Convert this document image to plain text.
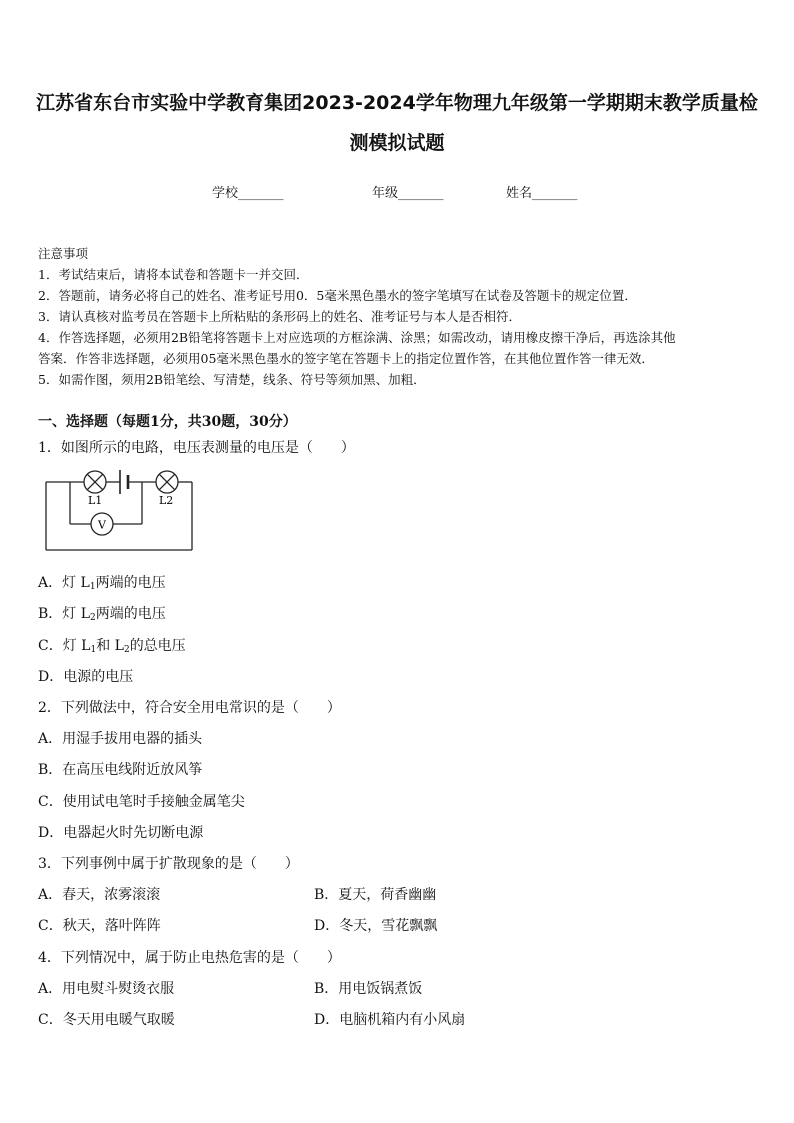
江苏省东台市实验中学教育集团2023-2024学年物理九年级第一学期期末教学质量检
测模拟试题
学校_______	年级_______	姓名_______
注意事项
1．考试结束后，请将本试卷和答题卡一并交回．
2．答题前，请务必将自己的姓名、准考证号用0．5毫米黑色墨水的签字笔填写在试卷及答题卡的规定位置．
3．请认真核对监考员在答题卡上所粘贴的条形码上的姓名、准考证号与本人是否相符．
4．作答选择题，必须用2B铅笔将答题卡上对应选项的方框涂满、涂黑；如需改动，请用橡皮擦干净后，再选涂其他
答案．作答非选择题，必须用05毫米黑色墨水的签字笔在答题卡上的指定位置作答，在其他位置作答一律无效．
5．如需作图，须用2B铅笔绘、写清楚，线条、符号等须加黑、加粗．
一、选择题（每题1分，共30题，30分）
1．如图所示的电路，电压表测量的电压是（　　）
L1	L2
V
A．灯 $L_1$两端的电压
B．灯 $L_2$两端的电压
C．灯 $L_1$和 $L_2$的总电压
D．电源的电压
2．下列做法中，符合安全用电常识的是（　　）
A．用湿手拔用电器的插头
B．在高压电线附近放风筝
C．使用试电笔时手接触金属笔尖
D．电器起火时先切断电源
3．下列事例中属于扩散现象的是（　　）
A．春天，浓雾滚滚	B．夏天，荷香幽幽
C．秋天，落叶阵阵	D．冬天，雪花飘飘
4．下列情况中，属于防止电热危害的是（　　）
A．用电熨斗熨烫衣服	B．用电饭锅煮饭
C．冬天用电暖气取暖	D．电脑机箱内有小风扇
